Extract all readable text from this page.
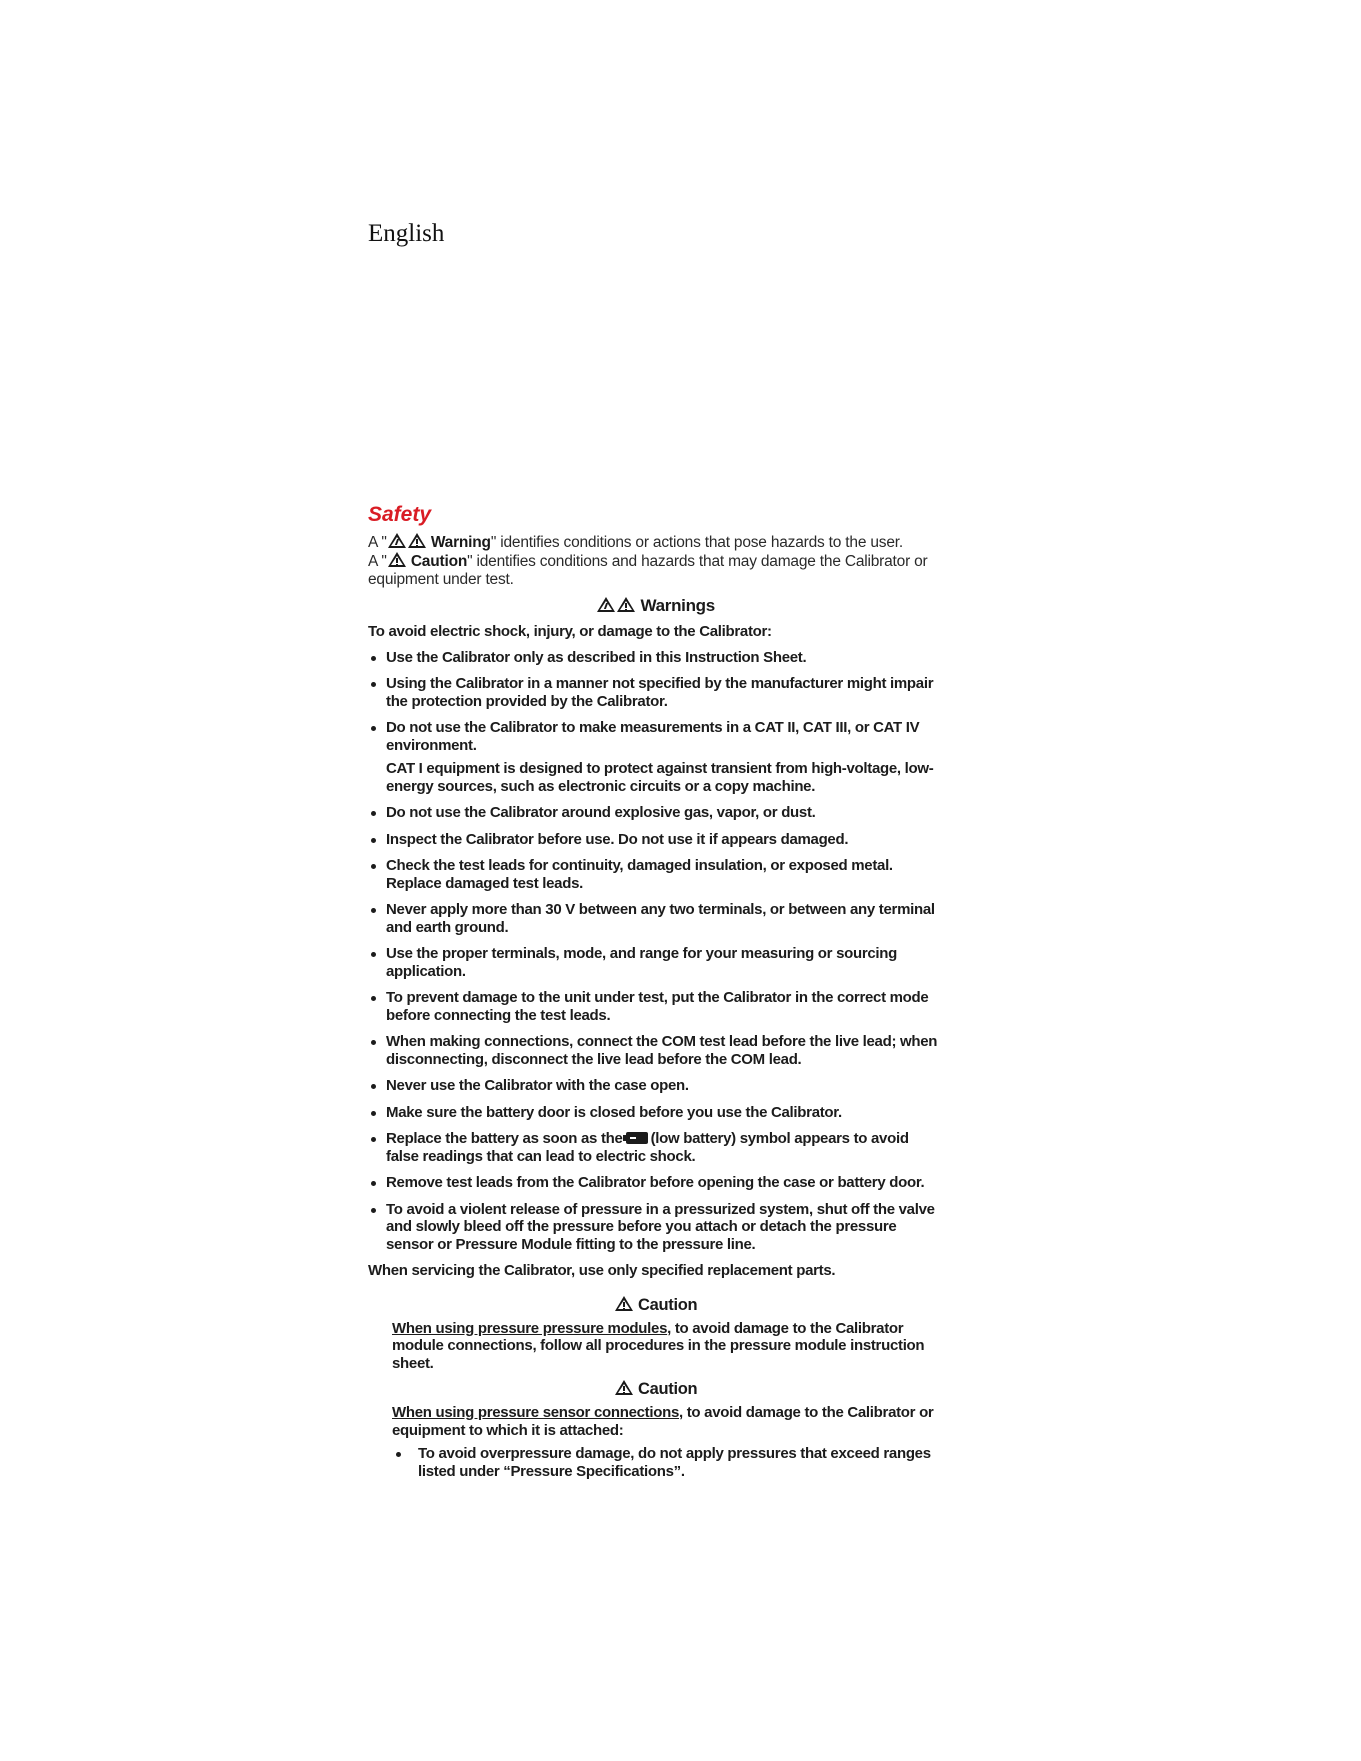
English
Safety

A "	Warning" identifies conditions or actions that pose hazards to the user.
A " Caution" identifies conditions and hazards that may damage the Calibrator or equipment under test.

Warnings
To avoid electric shock, injury, or damage to the Calibrator:
Use the Calibrator only as described in this Instruction Sheet.
Using the Calibrator in a manner not specified by the manufacturer might impair the protection provided by the Calibrator.
Do not use the Calibrator to make measurements in a CAT II, CAT III, or CAT IV environment.
CAT I equipment is designed to protect against transient from high-voltage, low-energy sources, such as electronic circuits or a copy machine.
Do not use the Calibrator around explosive gas, vapor, or dust.
Inspect the Calibrator before use. Do not use it if appears damaged.
Check the test leads for continuity, damaged insulation, or exposed metal. Replace damaged test leads.
Never apply more than 30 V between any two terminals, or between any terminal and earth ground.
Use the proper terminals, mode, and range for your measuring or sourcing application.
To prevent damage to the unit under test, put the Calibrator in the correct mode before connecting the test leads.
When making connections, connect the COM test lead before the live lead; when disconnecting, disconnect the live lead before the COM lead.
Never use the Calibrator with the case open.
Make sure the battery door is closed before you use the Calibrator.
Replace the battery as soon as the (low battery) symbol appears to avoid false readings that can lead to electric shock.
Remove test leads from the Calibrator before opening the case or battery door.
To avoid a violent release of pressure in a pressurized system, shut off the valve and slowly bleed off the pressure before you attach or detach the pressure sensor or Pressure Module fitting to the pressure line.
When servicing the Calibrator, use only specified replacement parts.
Caution
When using pressure pressure modules, to avoid damage to the Calibrator module connections, follow all procedures in the pressure module instruction sheet.
Caution
When using pressure sensor connections, to avoid damage to the Calibrator or equipment to which it is attached:
To avoid overpressure damage, do not apply pressures that exceed ranges listed under “Pressure Specifications”.
